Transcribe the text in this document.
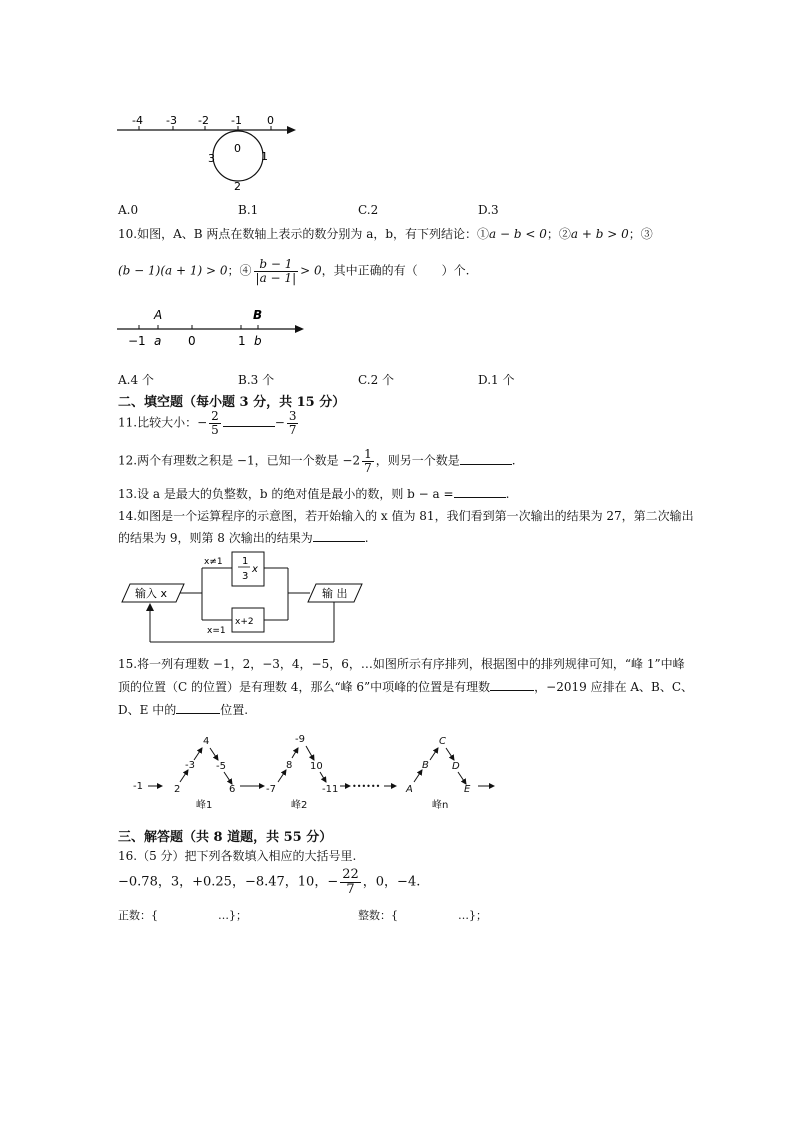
-4 -3 -2 -1 0
0
1
2
3
A.0	B.1	C.2	D.3
10.如图，A、B 两点在数轴上表示的数分别为 a，b，有下列结论：①a − b < 0；②a + b > 0；③
(b − 1)(a + 1) > 0；④ $\frac{b - 1}{|a - 1|} > 0$，其中正确的有（　　）个.
A	B
−1 a 0	1 b
A.4 个	B.3 个	C.2 个	D.1 个
二、填空题（每小题 3 分，共 15 分）
11.比较大小：− $\frac{2}{5}$	− $\frac{3}{7}$
12.两个有理数之积是 −1，已知一个数是 $-2 \frac{1}{7}$ ，则另一个数是	.
13.设 a 是最大的负整数，b 的绝对值是最小的数，则 b − a =	.
14.如图是一个运算程序的示意图，若开始输入的 x 值为 81，我们看到第一次输出的结果为 27，第二次输出
的结果为 9，则第 8 次输出的结果为	.
输入 x	输 出
1
3
x
x+2
x≠1
x=1
15.将一列有理数 −1，2，−3，4，−5，6，…如图所示有序排列，根据图中的排列规律可知，“峰 1”中峰
顶的位置（C 的位置）是有理数 4，那么“峰 6”中项峰的位置是有理数	，−2019 应排在 A、B、C、
D、E 中的	位置.
-1	2
-3
4
-5
6
峰1
-7
8
-9
10
-11 ••••••
峰2
A
B
C
D
E
峰n
三、解答题（共 8 道题，共 55 分）
16.（5 分）把下列各数填入相应的大括号里.
−0.78，3，+0.25，−8.47，10，− $\frac{22}{7}$ ，0，−4.
正数：{	…}；	整数：{	…}；
